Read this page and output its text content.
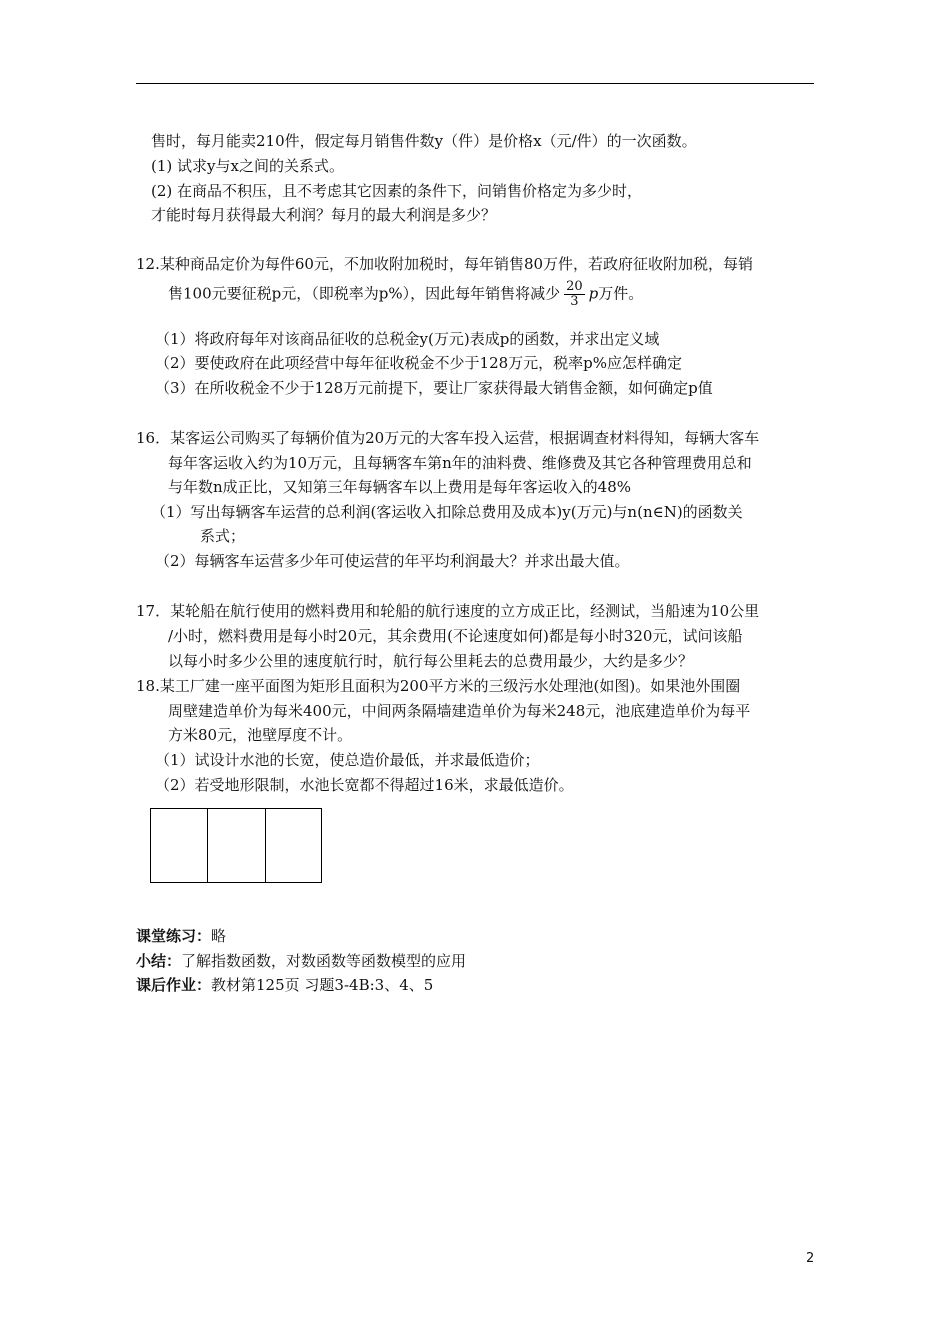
售时，每月能卖210件，假定每月销售件数y（件）是价格x（元/件）的一次函数。
(1) 试求y与x之间的关系式。
(2) 在商品不积压，且不考虑其它因素的条件下，问销售价格定为多少时，
才能时每月获得最大利润？每月的最大利润是多少？
12.某种商品定价为每件60元，不加收附加税时，每年销售80万件，若政府征收附加税，每销
售100元要征税p元，（即税率为p%），因此每年销售将减少 $\frac{20}{3}$ p万件。
（1）将政府每年对该商品征收的总税金y(万元)表成p的函数，并求出定义域
（2）要使政府在此项经营中每年征收税金不少于128万元，税率p%应怎样确定
（3）在所收税金不少于128万元前提下，要让厂家获得最大销售金额，如何确定p值
16．某客运公司购买了每辆价值为20万元的大客车投入运营，根据调查材料得知，每辆大客车
每年客运收入约为10万元，且每辆客车第n年的油料费、维修费及其它各种管理费用总和
与年数n成正比，又知第三年每辆客车以上费用是每年客运收入的48%
（1）写出每辆客车运营的总利润(客运收入扣除总费用及成本)y(万元)与n(n∈N)的函数关
系式；
（2）每辆客车运营多少年可使运营的年平均利润最大？并求出最大值。
17．某轮船在航行使用的燃料费用和轮船的航行速度的立方成正比，经测试，当船速为10公里
/小时，燃料费用是每小时20元，其余费用(不论速度如何)都是每小时320元，试问该船
以每小时多少公里的速度航行时，航行每公里耗去的总费用最少，大约是多少？
18.某工厂建一座平面图为矩形且面积为200平方米的三级污水处理池(如图)。如果池外围圈
周壁建造单价为每米400元，中间两条隔墙建造单价为每米248元，池底建造单价为每平
方米80元，池壁厚度不计。
（1）试设计水池的长宽，使总造价最低，并求最低造价；
（2）若受地形限制，水池长宽都不得超过16米，求最低造价。
课堂练习：略
小结：了解指数函数，对数函数等函数模型的应用
课后作业：教材第125页 习题3-4B:3、4、5
2
